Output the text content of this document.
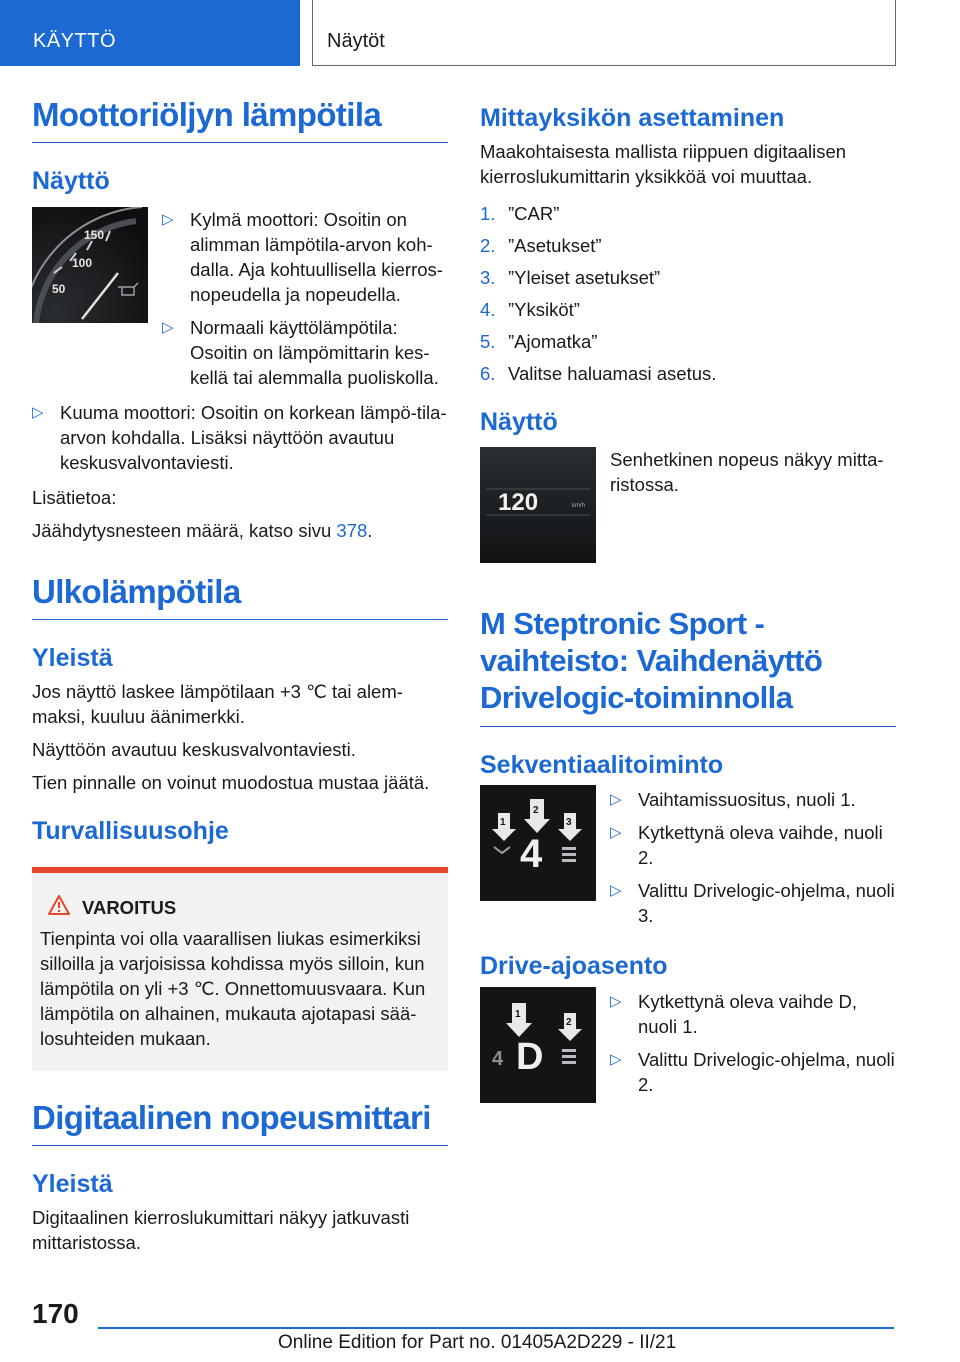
KÄYTTÖ	Näytöt
Moottoriöljyn lämpötila
Näyttö
150
100
50
▷ Kylmä moottori: Osoitin on alimman lämpötila-arvon koh-dalla. Aja kohtuullisella kierros-nopeudella ja nopeudella.
▷ Normaali käyttölämpötila: Osoitin on lämpömittarin kes-kellä tai alemmalla puoliskolla.
▷ Kuuma moottori: Osoitin on korkean lämpö-tila-arvon kohdalla. Lisäksi näyttöön avautuu keskusvalvontaviesti.

Lisätietoa:

Jäähdytysnesteen määrä, katso sivu 378.

Ulkolämpötila
Yleistä

Jos näyttö laskee lämpötilaan +3 ℃ tai alem-maksi, kuuluu äänimerkki.

Näyttöön avautuu keskusvalvontaviesti.

Tien pinnalle on voinut muodostua mustaa jäätä.

Turvallisuusohje
VAROITUS
Tienpinta voi olla vaarallisen liukas esimerkiksi silloilla ja varjoisissa kohdissa myös silloin, kun lämpötila on yli +3 ℃. Onnettomuusvaara. Kun lämpötila on alhainen, mukauta ajotapasi sää-losuhteiden mukaan.
Digitaalinen nopeusmittari
Yleistä

Digitaalinen kierroslukumittari näkyy jatkuvasti mittaristossa.

Mittayksikön asettaminen

Maakohtaisesta mallista riippuen digitaalisen kierroslukumittarin yksikköä voi muuttaa.

1. ”CAR”
2. ”Asetukset”
3. ”Yleiset asetukset”
4. ”Yksiköt”
5. ”Ajomatka”
6. Valitse haluamasi asetus.
Näyttö
120	km/h

Senhetkinen nopeus näkyy mitta-ristossa.

M Steptronic Sport -vaihteisto: Vaihdenäyttö Drivelogic-toiminnolla
Sekventiaalitoiminto
1
2
3
4
▷ Vaihtamissuositus, nuoli 1.
▷ Kytkettynä oleva vaihde, nuoli 2.
▷ Valittu Drivelogic-ohjelma, nuoli 3.
Drive-ajoasento
1
2
4 D
▷ Kytkettynä oleva vaihde D, nuoli 1.
▷ Valittu Drivelogic-ohjelma, nuoli 2.
170
Online Edition for Part no. 01405A2D229 - II/21
